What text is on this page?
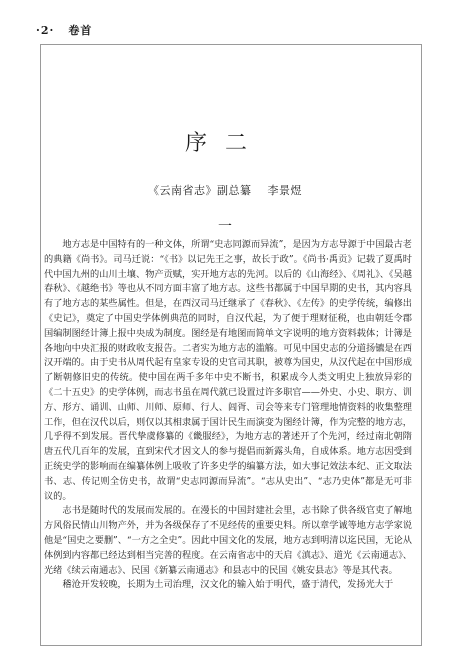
·2· 卷首
序二
《云南省志》副总纂 李景煜
一

地方志是中国特有的一种文体，所谓“史志同源而异流”，是因为方志导源于中国最古老的典籍《尚书》。司马迁说：“《书》以记先王之事，故长于政”。《尚书·禹贡》记载了夏禹时代中国九州的山川土壤、物产贡赋，实开地方志的先河。以后的《山海经》、《周礼》、《吴越春秋》、《越绝书》等也从不同方面丰富了地方志。这些书都属于中国早期的史书，其内容具有了地方志的某些属性。但是，在西汉司马迁继承了《春秋》、《左传》的史学传统，编修出《史记》，奠定了中国史学体例典范的同时，自汉代起，为了便于理财征税，也由朝廷令郡国编制图经计簿上报中央成为制度。图经是有地图而简单文字说明的地方资料载体；计簿是各地向中央汇报的财政收支报告。二者实为地方志的滥觞。可见中国史志的分道扬镳是在西汉开端的。由于史书从周代起有皇家专设的史官司其职，被尊为国史，从汉代起在中国形成了断朝修旧史的传统。使中国在两千多年中史不断书，积累成今人类文明史上独放异彩的《二十五史》的史学体例，而志书虽在周代就已设置过许多职官——外史、小史、职方、训方、形方、诵训、山师、川师、原师、行人、闾胥、司会等来专门管理地情资料的收集整理工作，但在汉代以后，则仅以其相隶属于国计民生而演变为图经计簿，作为完整的地方志，几乎得不到发展。晋代挚虞修纂的《畿服经》，为地方志的著述开了个先河，经过南北朝隋唐五代几百年的发展，直到宋代才因文人的参与提倡而新露头角，自成体系。地方志因受到正统史学的影响而在编纂体例上吸收了许多史学的编纂方法，如大事记效法本纪、正文取法书、志、传记则全仿史书，故谓“史志同源而异流”。“志从史出”、“志乃史体”都是无可非议的。

志书是随时代的发展而发展的。在漫长的中国封建社会里，志书除了供各级官吏了解地方风俗民情山川物产外，并为各级保存了不见经传的重要史料。所以章学诚等地方志学家说他是“国史之要删”、“一方之全史”。因此中国文化的发展，地方志到明清以迄民国，无论从体例到内容都已经达到相当完善的程度。在云南省志中的天启《滇志》、道光《云南通志》、光绪《续云南通志》、民国《新纂云南通志》和县志中的民国《姚安县志》等是其代表。

稽沧开发较晚，长期为土司治理，汉文化的输入始于明代，盛于清代，发扬光大于
